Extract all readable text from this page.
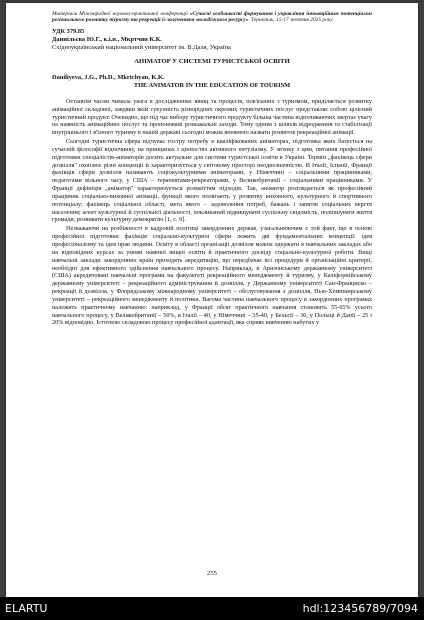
Матеріали Міжнародної науково-практичної конференції «Сучасні особливості формування і управління інноваційним потенціалом регіонального розвитку туризму та рекреації із залученням молодіжного ресурсу». Тернопіль, 15-17 жовтня 2015 року

УДК 379.85

Даниільєва Ю.Г., к.і.н., Мкртчян К.К.

Східноукраїнський національний університет ім. В.Даля, Україна

АНІМАТОР У СИСТЕМІ ТУРИСТСЬКОЇ ОСВІТИ

Daniliyeva, J.G., Ph.D., Mkrtchyan, K.K.

THE ANIMATOR IN THE EDUCATION OF TOURISM

Останнім часом чимала увага в дослідженнях явищ та процесів, пов'язаних з туризмом, приділяється розвитку анімаційної складової, завдяки якій сукупність різнорідних окремих туристичних послуг представляє собою цілісний туристичний продукт. Очевидно, що під час вибору туристичного продукту більша частина відпочиваючих звертає увагу на наявність анімаційних послуг та пропоновані розважальні заходи. Тому одним з шляхів відродження та стабілізації внутрішнього і в'їзного туризму в нашій державі сьогодні можна впевнено назвати розвиток рекреаційної анімації.

Сьогодні туристична сфера відчуває гостру потребу в кваліфікованих аніматорах, підготовка яких базується на сучасній філософії відпочинку, на принципах і цінностях активного ентузіазму. У зв'язку з цим, питання професійної підготовки спеціалістів-аніматорів досить актуальне для системи туристської освіти в Україні. Термін „фахівець сфери дозвілля" охоплює різні концепції й характеризується у світовому просторі неоднозначністю. В Італії, Іспанії, Франції фахівців сфери дозвілля називають соціокультурними аніматорами, у Німеччині – соціальними працівниками, педагогами вільного часу, у США – терапевтами-рекреаторами, у Великобританії – соціальними працівниками. У Франції дефініція „аніматор" характеризується розмаїттям підходів. Так, аніматор розглядається як професійний працівник соціально-виховної анімації, функції якого полягають у розвитку виховного, культурного й спортивного потенціалу; фахівець соціальної області, мета якого – задоволення потреб, бажань і запитів соціальних верств населення; агент культурної й суспільної діяльності, покликаний підвищувати суспільну свідомість, поліпшувати життя громади, розвивати культурну демократію [1, с. 9].

Незважаючи на розбіжності в кадровій політиці закордонних держав, узагальнюючим є той факт, що в основі професійної підготовки фахівців соціально-культурної сфери лежить дві фундаментальних концепції: ідея професіоналізму та ідея прав людини. Освіту в області організації дозвілля можна одержати в навчальних закладах або на відповідних курсах за умови наявної вищої освіти й практичного досвіду соціально-культурної роботи. Вищі навчальні заклади закордонних країн проходять акредитацію, що передбачає всі процедури й організаційні критерії, необхідні для ефективного здійснення навчального процесу. Наприклад, в Аризонському державному університеті (США) акредитовані навчальні програми на факультеті рекреаційного менеджменту й туризму, у Каліфорнійському державному університеті – рекреаційного адміністрування й дозвілля, у Державному університеті Сан-Франциско – рекреації й дозвілля, у Флоридському міжнародному університеті – обслуговування з дозвілля, Нью-Хемпширському університеті – рекреаційного менеджменту й політики. Вагома частина навчального процесу в закордонних програмах належить практичному навчанню: наприклад, у Франції обсяг практичного навчання становить 55-65% усього навчального процесу, у Великобританії – 50%, в Італії – 40, у Німеччині – 35-40, у Бельгії – 30, у Польщі й Данії – 25 і 20% відповідно. Істотною складовою процесу професійної адаптації, яка сприяє вивченню набутих у

255
ELARTU	hdl:123456789/7094
